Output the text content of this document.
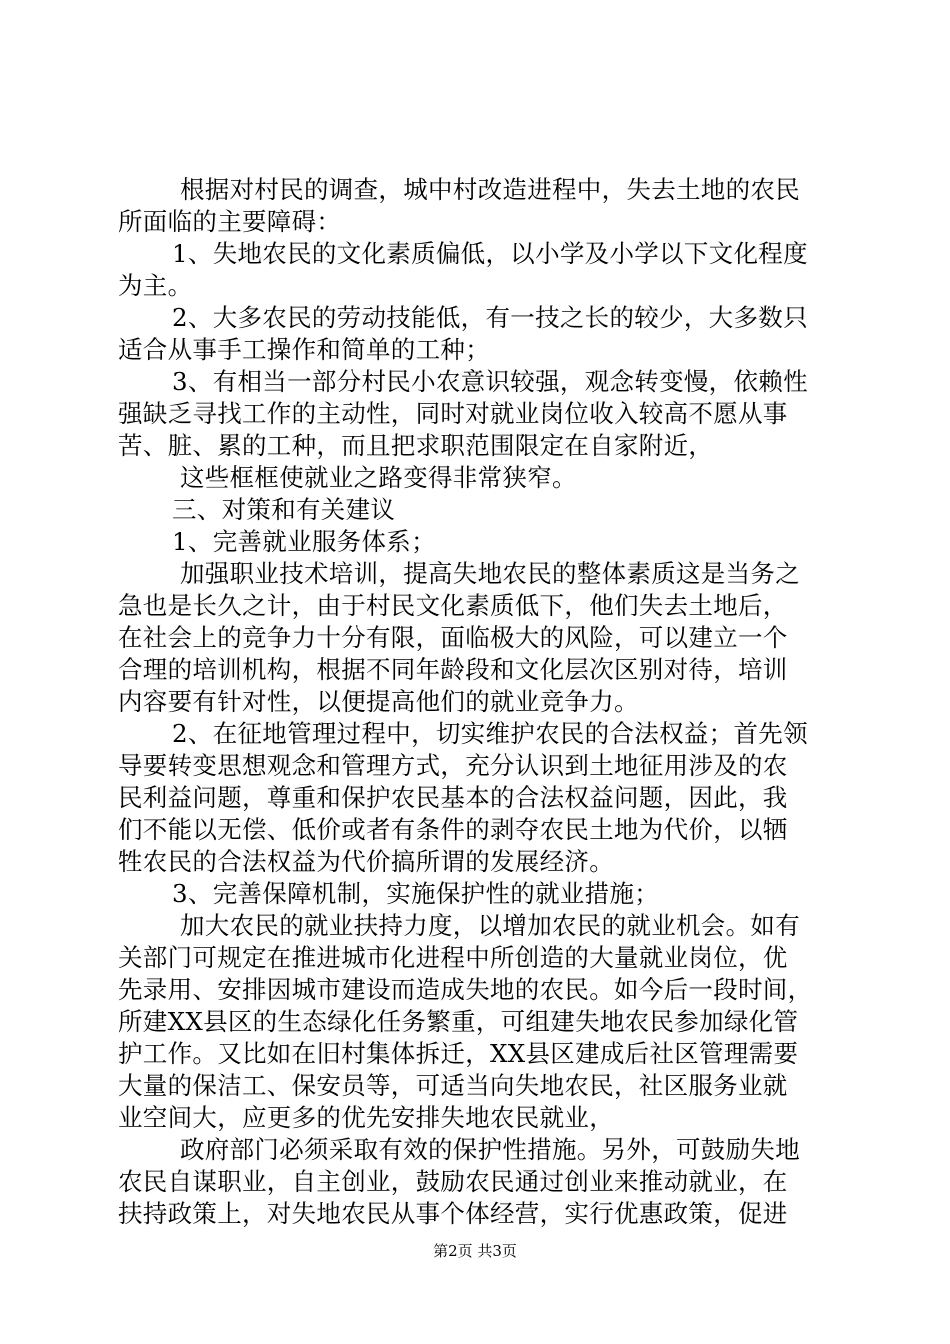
根据对村民的调查，城中村改造进程中，失去土地的农民
所面临的主要障碍：
1、失地农民的文化素质偏低，以小学及小学以下文化程度
为主。
2、大多农民的劳动技能低，有一技之长的较少，大多数只
适合从事手工操作和简单的工种；
3、有相当一部分村民小农意识较强，观念转变慢，依赖性
强缺乏寻找工作的主动性，同时对就业岗位收入较高不愿从事
苦、脏、累的工种，而且把求职范围限定在自家附近，
这些框框使就业之路变得非常狭窄。
三、对策和有关建议
1、完善就业服务体系；
加强职业技术培训，提高失地农民的整体素质这是当务之
急也是长久之计，由于村民文化素质低下，他们失去土地后，
在社会上的竞争力十分有限，面临极大的风险，可以建立一个
合理的培训机构，根据不同年龄段和文化层次区别对待，培训
内容要有针对性，以便提高他们的就业竞争力。
2、在征地管理过程中，切实维护农民的合法权益；首先领
导要转变思想观念和管理方式，充分认识到土地征用涉及的农
民利益问题，尊重和保护农民基本的合法权益问题，因此，我
们不能以无偿、低价或者有条件的剥夺农民土地为代价，以牺
牲农民的合法权益为代价搞所谓的发展经济。
3、完善保障机制，实施保护性的就业措施；
加大农民的就业扶持力度，以增加农民的就业机会。如有
关部门可规定在推进城市化进程中所创造的大量就业岗位，优
先录用、安排因城市建设而造成失地的农民。如今后一段时间，
所建XX县区的生态绿化任务繁重，可组建失地农民参加绿化管
护工作。又比如在旧村集体拆迁，XX县区建成后社区管理需要
大量的保洁工、保安员等，可适当向失地农民，社区服务业就
业空间大，应更多的优先安排失地农民就业，
政府部门必须采取有效的保护性措施。另外，可鼓励失地
农民自谋职业，自主创业，鼓励农民通过创业来推动就业，在
扶持政策上，对失地农民从事个体经营，实行优惠政策，促进
第2页 共3页
